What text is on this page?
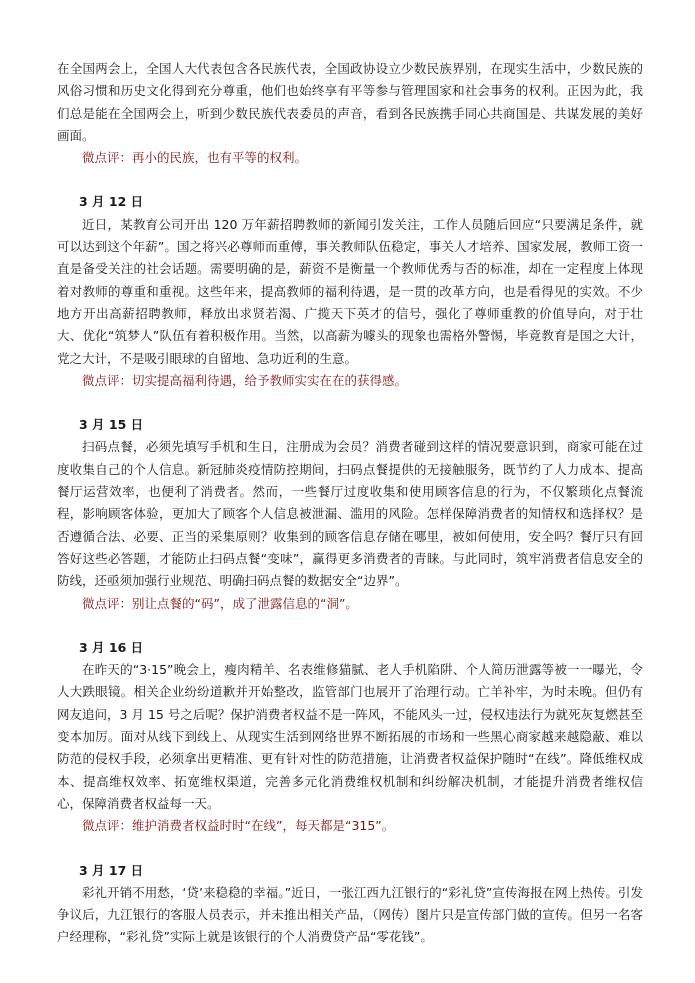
在全国两会上，全国人大代表包含各民族代表，全国政协设立少数民族界别，在现实生活中，少数民族的风俗习惯和历史文化得到充分尊重，他们也始终享有平等参与管理国家和社会事务的权利。正因为此，我们总是能在全国两会上，听到少数民族代表委员的声音，看到各民族携手同心共商国是、共谋发展的美好画面。

微点评：再小的民族，也有平等的权利。

3 月 12 日

近日，某教育公司开出 120 万年薪招聘教师的新闻引发关注，工作人员随后回应“只要满足条件，就可以达到这个年薪”。国之将兴必尊师而重傅，事关教师队伍稳定，事关人才培养、国家发展，教师工资一直是备受关注的社会话题。需要明确的是，薪资不是衡量一个教师优秀与否的标准，却在一定程度上体现着对教师的尊重和重视。这些年来，提高教师的福利待遇，是一贯的改革方向，也是看得见的实效。不少地方开出高薪招聘教师，释放出求贤若渴、广揽天下英才的信号，强化了尊师重教的价值导向，对于壮大、优化“筑梦人”队伍有着积极作用。当然，以高薪为噱头的现象也需格外警惕，毕竟教育是国之大计，党之大计，不是吸引眼球的自留地、急功近利的生意。

微点评：切实提高福利待遇，给予教师实实在在的获得感。

3 月 15 日

扫码点餐，必须先填写手机和生日，注册成为会员？消费者碰到这样的情况要意识到，商家可能在过度收集自己的个人信息。新冠肺炎疫情防控期间，扫码点餐提供的无接触服务，既节约了人力成本、提高餐厅运营效率，也便利了消费者。然而，一些餐厅过度收集和使用顾客信息的行为，不仅繁琐化点餐流程，影响顾客体验，更加大了顾客个人信息被泄漏、滥用的风险。怎样保障消费者的知情权和选择权？是否遵循合法、必要、正当的采集原则？收集到的顾客信息存储在哪里，被如何使用，安全吗？餐厅只有回答好这些必答题，才能防止扫码点餐“变味”，赢得更多消费者的青睐。与此同时，筑牢消费者信息安全的防线，还亟须加强行业规范、明确扫码点餐的数据安全“边界”。

微点评：别让点餐的“码”，成了泄露信息的“洞”。

3 月 16 日

在昨天的“3·15”晚会上，瘦肉精羊、名表维修猫腻、老人手机陷阱、个人简历泄露等被一一曝光，令人大跌眼镜。相关企业纷纷道歉并开始整改，监管部门也展开了治理行动。亡羊补牢，为时未晚。但仍有网友追问，3 月 15 号之后呢？保护消费者权益不是一阵风，不能风头一过，侵权违法行为就死灰复燃甚至变本加厉。面对从线下到线上、从现实生活到网络世界不断拓展的市场和一些黑心商家越来越隐蔽、难以防范的侵权手段，必须拿出更精准、更有针对性的防范措施，让消费者权益保护随时“在线”。降低维权成本、提高维权效率、拓宽维权渠道，完善多元化消费维权机制和纠纷解决机制，才能提升消费者维权信心，保障消费者权益每一天。

微点评：维护消费者权益时时“在线”，每天都是“315”。

3 月 17 日

彩礼开销不用愁，‘贷’来稳稳的幸福。”近日，一张江西九江银行的“彩礼贷”宣传海报在网上热传。引发争议后，九江银行的客服人员表示，并未推出相关产品，（网传）图片只是宣传部门做的宣传。但另一名客户经理称，“彩礼贷”实际上就是该银行的个人消费贷产品“零花钱”。
